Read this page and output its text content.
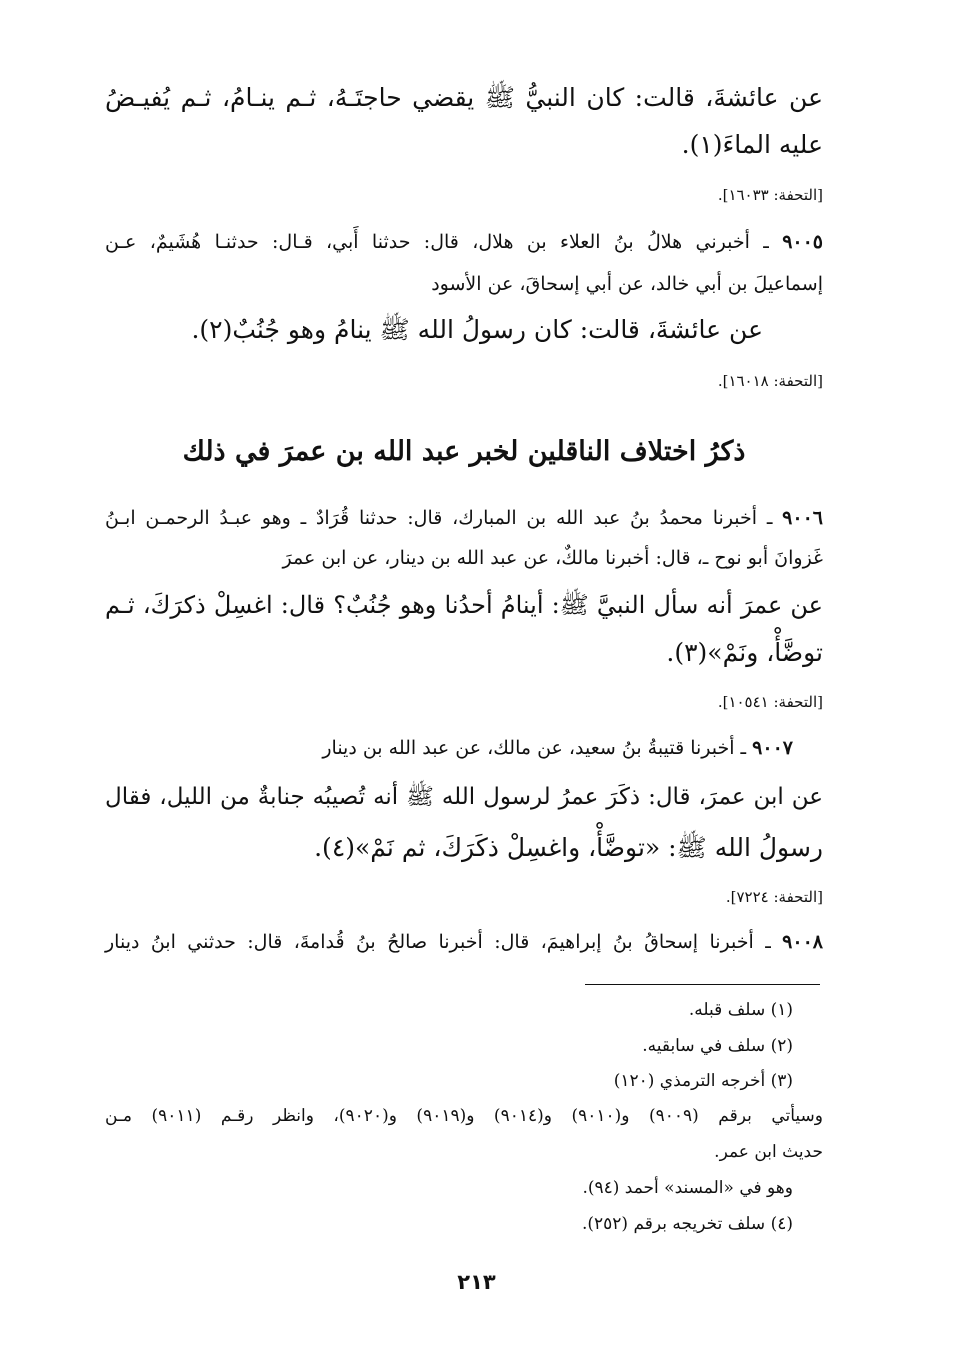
عن عائشةَ، قالت: كان النبيُّ ﷺ يقضي حاجتَـهُ، ثـم ينـامُ، ثـم يُفيـضُ
عليه الماءَ(١).
[التحفة: ١٦٠٣٣].
٩٠٠٥ ـ أخبرني هلالُ بنُ العلاء بن هلال، قال: حدثنا أَبي، قـال: حدثنـا هُشَيمٌ، عـن
إسماعيلَ بن أبي خالد، عن أبي إسحاقَ، عن الأسود
عن عائشةَ، قالت: كان رسولُ الله ﷺ ينامُ وهو جُنُبٌ(٢).
[التحفة: ١٦٠١٨].
ذكرُ اختلاف الناقلين لخبر عبد الله بن عمرَ في ذلك
٩٠٠٦ ـ أخبرنا محمدُ بنُ عبد الله بن المبارك، قال: حدثنا قُرَادٌ ـ وهو عبـدُ الرحمـن ابـنُ
غَزوانَ أبو نوح ـ، قال: أخبرنا مالكٌ، عن عبد الله بن دينار، عن ابن عمرَ
عن عمرَ أنه سأل النبيَّ ﷺ: أينامُ أحدُنا وهو جُنُبٌ؟ قال: اغسِلْ ذكرَكَ، ثـم
توضَّأْ، ونَمْ»(٣).
[التحفة: ١٠٥٤١].
٩٠٠٧ ـ أخبرنا قتيبةُ بنُ سعيد، عن مالك، عن عبد الله بن دينار
عن ابن عمرَ، قال: ذكَرَ عمرُ لرسول الله ﷺ أنه تُصيبُه جنابةٌ من الليل، فقال
رسولُ الله ﷺ: «توضَّأْ، واغسِلْ ذكَرَكَ، ثم نَمْ»(٤).
[التحفة: ٧٢٢٤].
٩٠٠٨ ـ أخبرنا إسحاقُ بنُ إبراهيمَ، قال: أخبرنا صالحُ بنُ قُدامةَ، قال: حدثني ابنُ دينار
(١) سلف قبله.
(٢) سلف في سابقيه.
(٣) أخرجه الترمذي (١٢٠)
وسيأتي برقم (٩٠٠٩) و(٩٠١٠) و(٩٠١٤) و(٩٠١٩) و(٩٠٢٠)، وانظر رقـم (٩٠١١) مـن
حديث ابن عمر.
وهو في «المسند» أحمد (٩٤).
(٤) سلف تخريجه برقم (٢٥٢).
٢١٣
